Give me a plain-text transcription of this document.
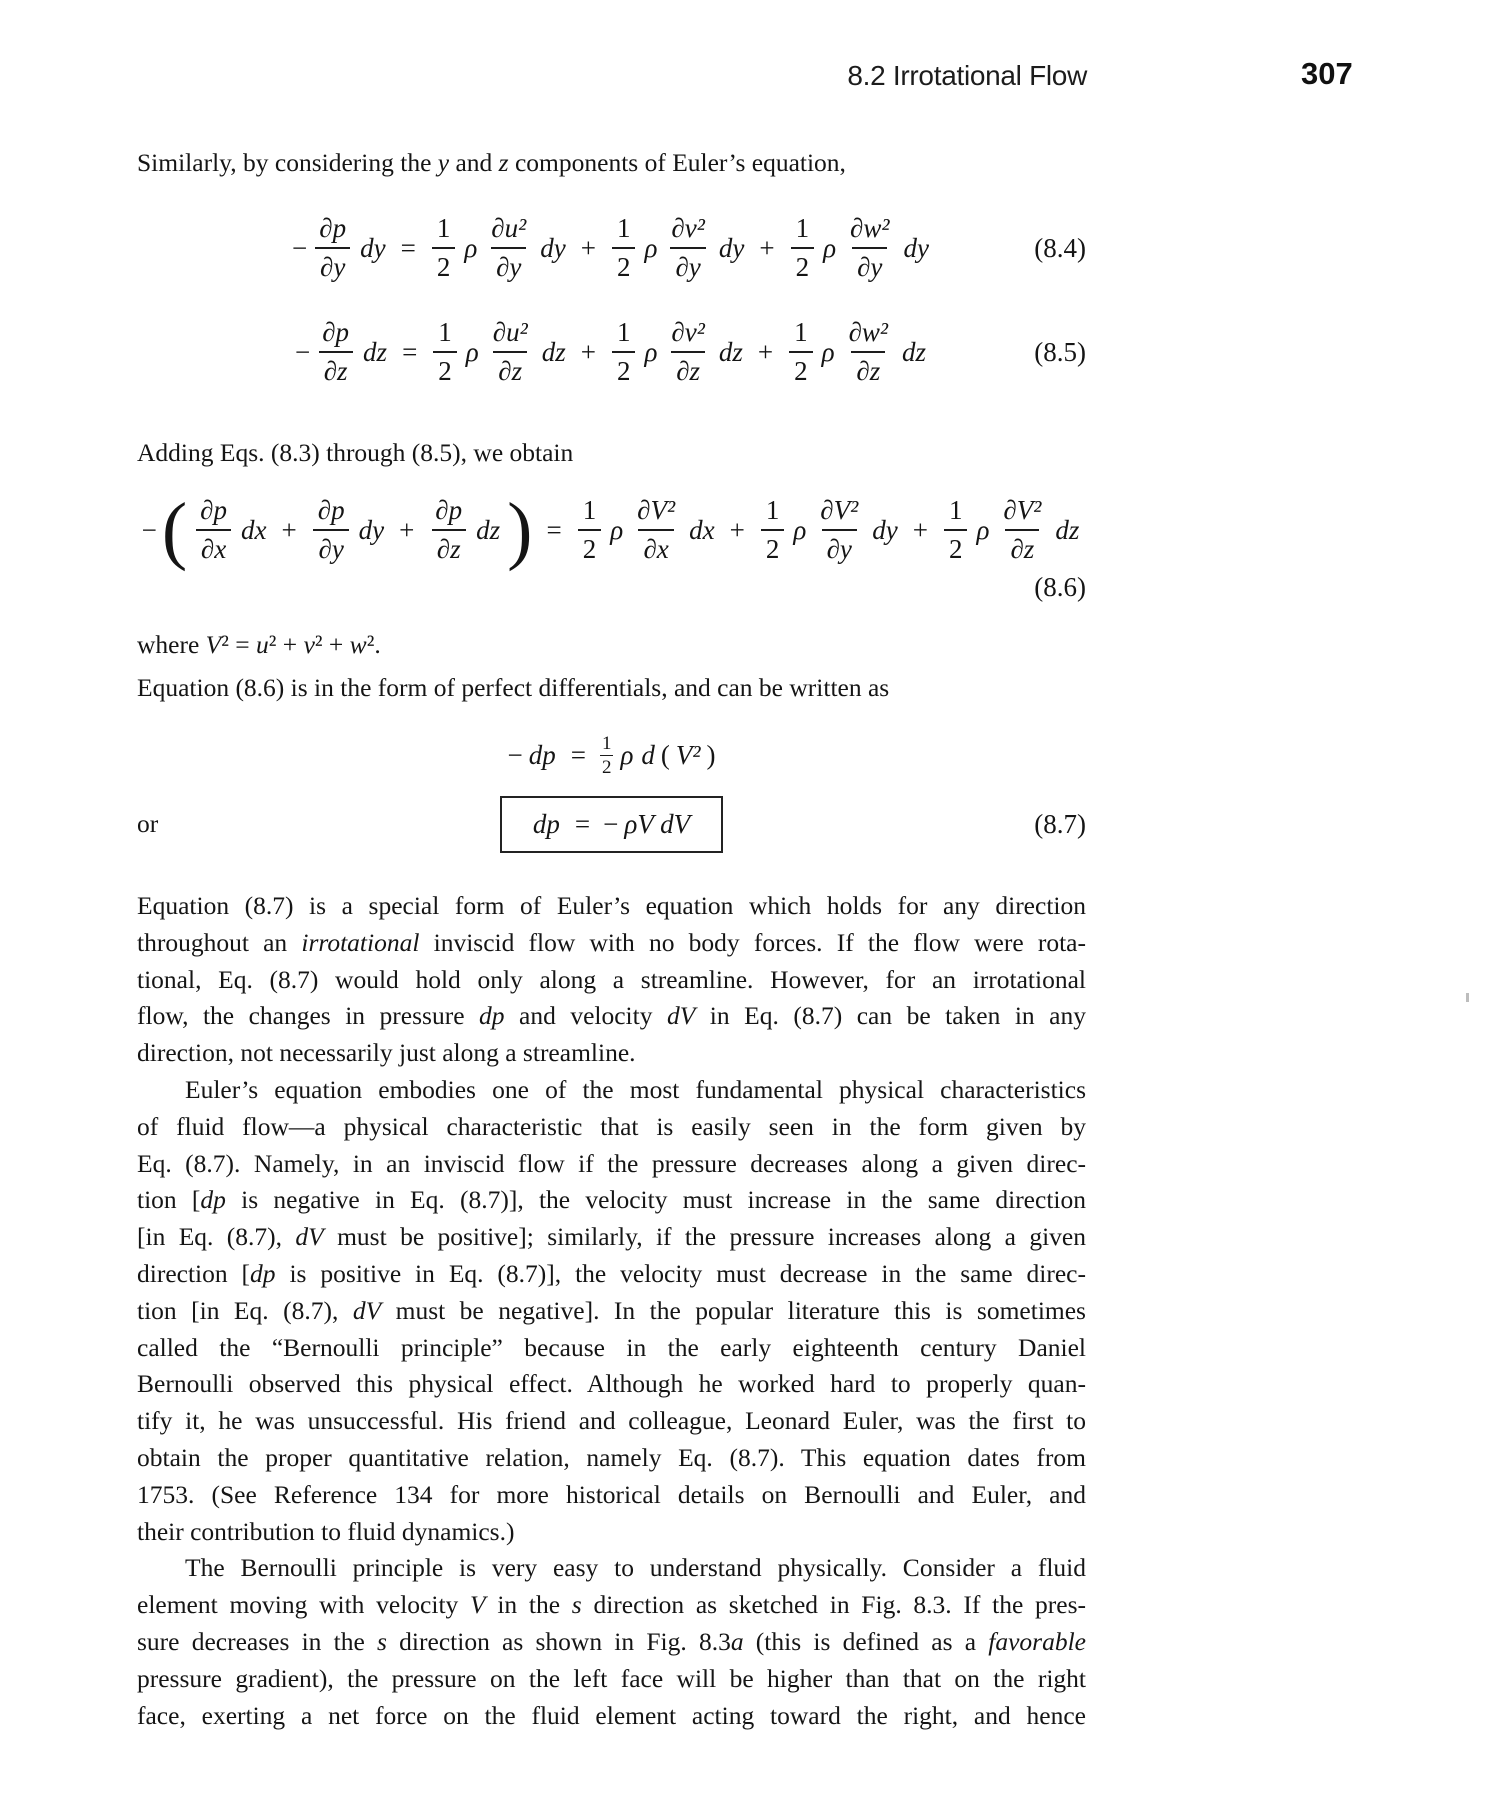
8.2 Irrotational Flow	307
Similarly, by considering the y and z components of Euler’s equation,
− $\frac{\partial p}{\partial y}$ dy = $\frac{1}{2}$ ρ $\frac{\text{∂u²}}{\partial y}$ dy + $\frac{1}{2}$ ρ $\frac{\text{∂v²}}{\partial y}$ dy + $\frac{1}{2}$ ρ $\frac{\text{∂w²}}{\partial y}$ dy	(8.4)
− $\frac{\partial p}{\partial z}$ dz = $\frac{1}{2}$ ρ $\frac{\text{∂u²}}{\partial z}$ dz + $\frac{1}{2}$ ρ $\frac{\text{∂v²}}{\partial z}$ dz + $\frac{1}{2}$ ρ $\frac{\text{∂w²}}{\partial z}$ dz	(8.5)
Adding Eqs. (8.3) through (8.5), we obtain
− ( $\frac{\partial p}{\partial x}$ dx + $\frac{\partial p}{\partial y}$ dy + $\frac{\partial p}{\partial z}$ dz ) = $\frac{1}{2}$ ρ $\frac{\text{∂V²}}{\partial x}$ dx + $\frac{1}{2}$ ρ $\frac{\text{∂V²}}{\partial y}$ dy + $\frac{1}{2}$ ρ $\frac{\text{∂V²}}{\partial z}$ dz
(8.6)
where V² = u² + v² + w².
Equation (8.6) is in the form of perfect differentials, and can be written as
− dp = $\frac{1}{2}$ ρ d ( V² )
or	dp = − ρV dV	(8.7)
Equation (8.7) is a special form of Euler’s equation which holds for any direction
throughout an irrotational inviscid flow with no body forces. If the flow were rota-
tional, Eq. (8.7) would hold only along a streamline. However, for an irrotational
flow, the changes in pressure dp and velocity dV in Eq. (8.7) can be taken in any
direction, not necessarily just along a streamline.
Euler’s equation embodies one of the most fundamental physical characteristics
of fluid flow—a physical characteristic that is easily seen in the form given by
Eq. (8.7). Namely, in an inviscid flow if the pressure decreases along a given direc-
tion [dp is negative in Eq. (8.7)], the velocity must increase in the same direction
[in Eq. (8.7), dV must be positive]; similarly, if the pressure increases along a given
direction [dp is positive in Eq. (8.7)], the velocity must decrease in the same direc-
tion [in Eq. (8.7), dV must be negative]. In the popular literature this is sometimes
called the “Bernoulli principle” because in the early eighteenth century Daniel
Bernoulli observed this physical effect. Although he worked hard to properly quan-
tify it, he was unsuccessful. His friend and colleague, Leonard Euler, was the first to
obtain the proper quantitative relation, namely Eq. (8.7). This equation dates from
1753. (See Reference 134 for more historical details on Bernoulli and Euler, and
their contribution to fluid dynamics.)
The Bernoulli principle is very easy to understand physically. Consider a fluid
element moving with velocity V in the s direction as sketched in Fig. 8.3. If the pres-
sure decreases in the s direction as shown in Fig. 8.3a (this is defined as a favorable
pressure gradient), the pressure on the left face will be higher than that on the right
face, exerting a net force on the fluid element acting toward the right, and hence
